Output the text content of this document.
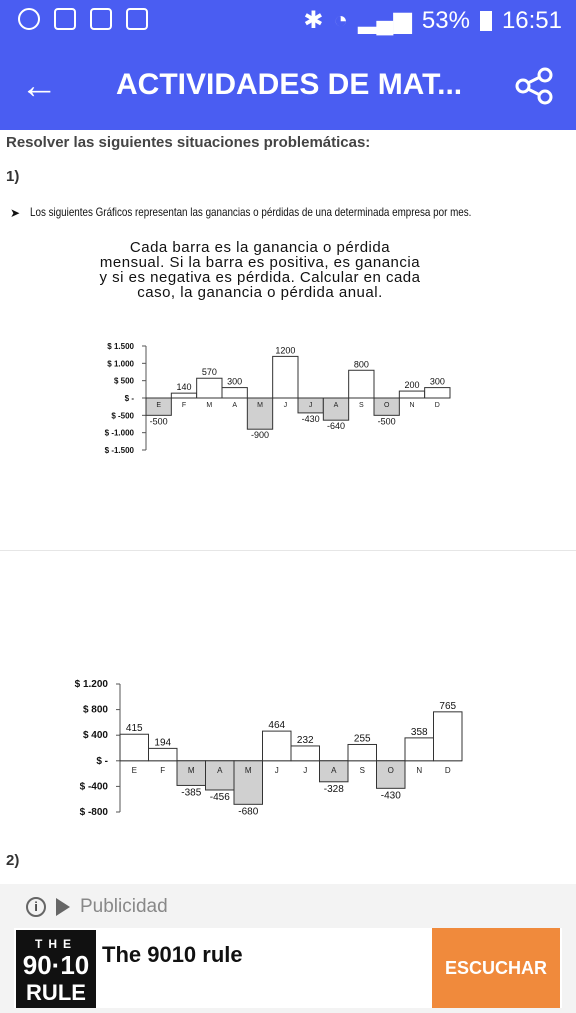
✱ ◔ ▂▄▆ 53% 16:51
← ACTIVIDADES DE MAT...
Resolver las siguientes situaciones problemáticas:
1)
➤ Los siguientes Gráficos representan las ganancias o pérdidas de una determinada empresa por mes.
Cada barra es la ganancia o pérdida
mensual. Si la barra es positiva, es ganancia
y si es negativa es pérdida. Calcular en cada
caso, la ganancia o pérdida anual.
$ 1.500
$ 1.000
$ 500
$ -
$ -500
$ -1.000
$ -1.500
E
-500
F
140
M
570
A
300
M
-900
J
1200
J
-430
A
-640
S
800
O
-500
N
200
D
300
$ 1.200
$ 800
$ 400
$ -
$ -400
$ -800
E
415
F
194
M
-385
A
-456
M
-680
J
464
J
232
A
-328
S
255
O
-430
N
358
D
765
2)
i	Publicidad
THE
90·10
RULE
The 9010 rule
ESCUCHAR
